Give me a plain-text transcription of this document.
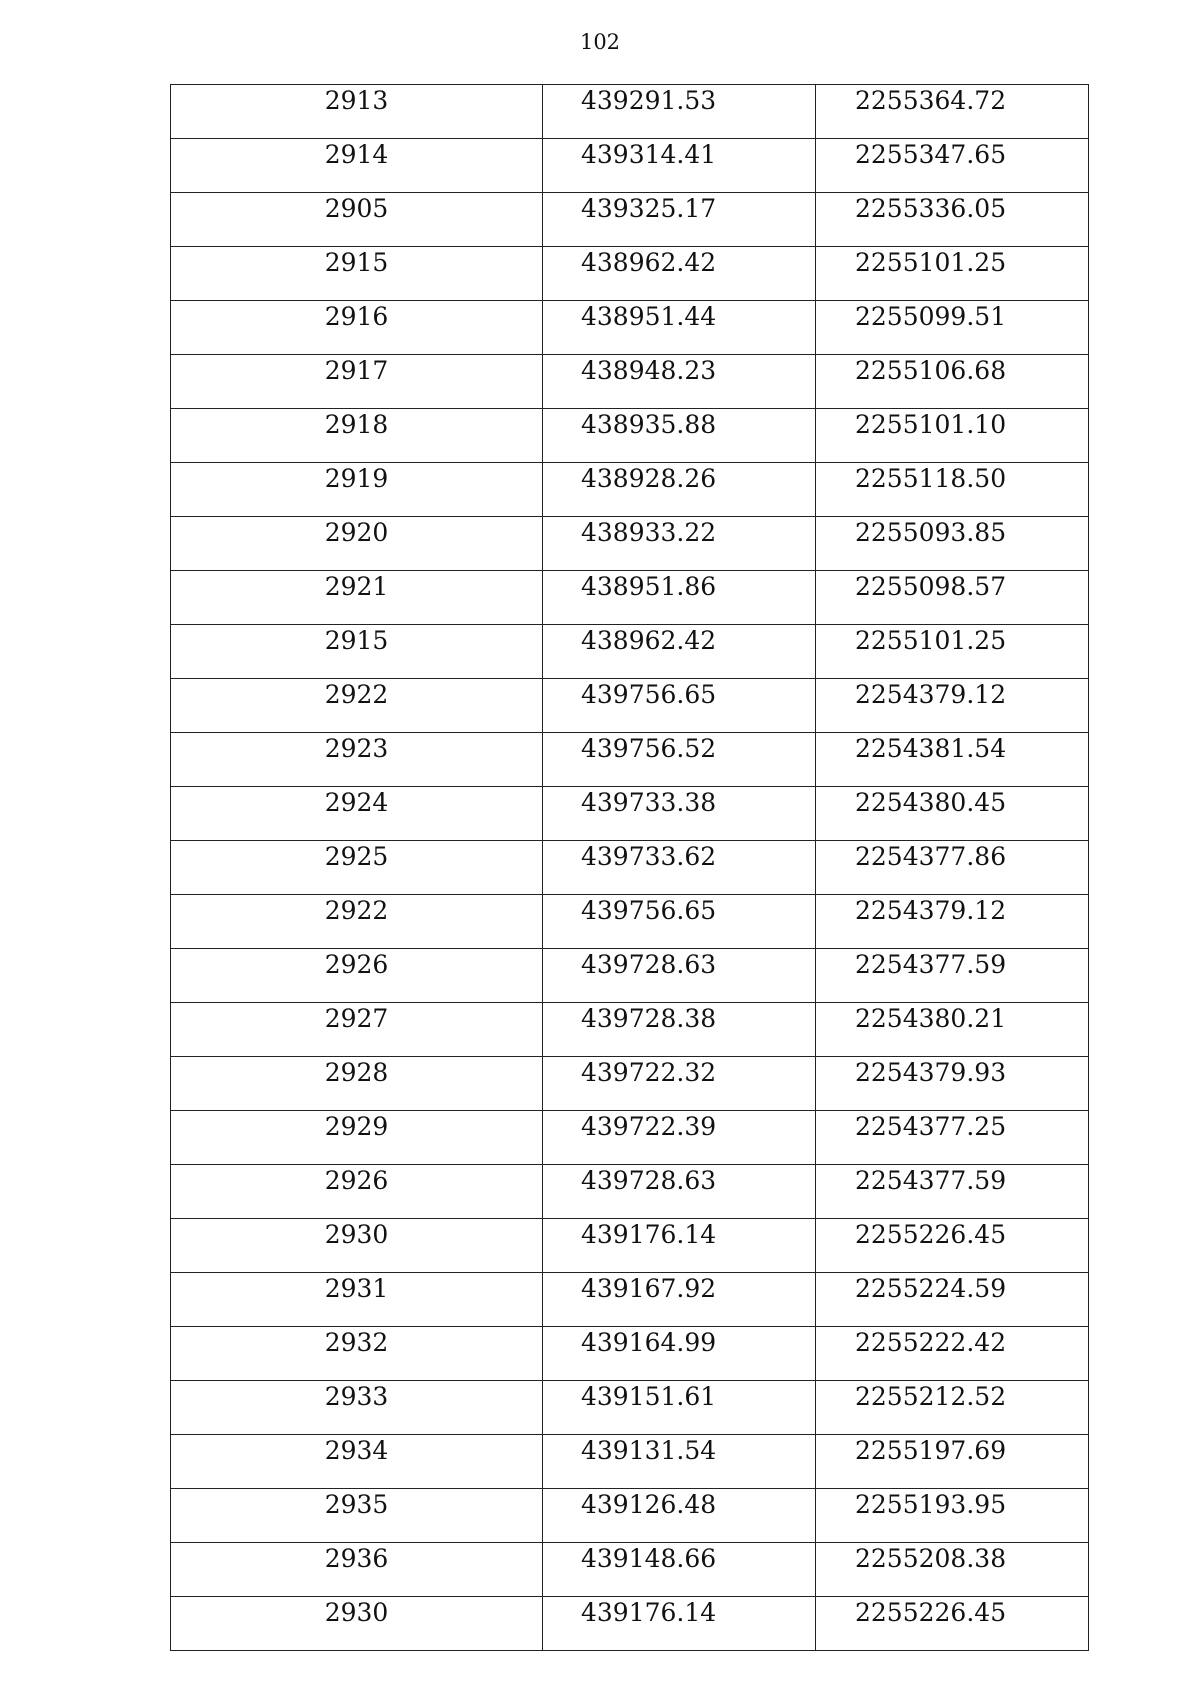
102
2913	439291.53	2255364.72
2914	439314.41	2255347.65
2905	439325.17	2255336.05
2915	438962.42	2255101.25
2916	438951.44	2255099.51
2917	438948.23	2255106.68
2918	438935.88	2255101.10
2919	438928.26	2255118.50
2920	438933.22	2255093.85
2921	438951.86	2255098.57
2915	438962.42	2255101.25
2922	439756.65	2254379.12
2923	439756.52	2254381.54
2924	439733.38	2254380.45
2925	439733.62	2254377.86
2922	439756.65	2254379.12
2926	439728.63	2254377.59
2927	439728.38	2254380.21
2928	439722.32	2254379.93
2929	439722.39	2254377.25
2926	439728.63	2254377.59
2930	439176.14	2255226.45
2931	439167.92	2255224.59
2932	439164.99	2255222.42
2933	439151.61	2255212.52
2934	439131.54	2255197.69
2935	439126.48	2255193.95
2936	439148.66	2255208.38
2930	439176.14	2255226.45
